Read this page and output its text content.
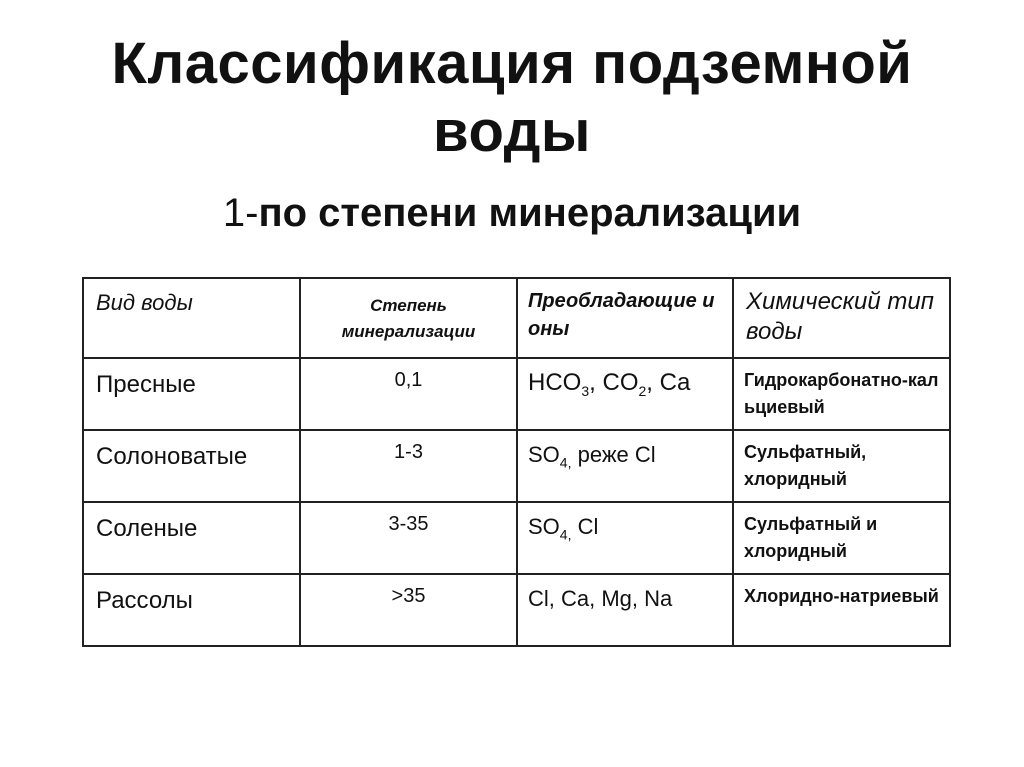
Классификация подземной
воды
1-по степени минерализации
Вид воды	Степень минерализации	Преобладающие ионы	Химический тип воды

Пресные	0,1	$HCO_3$, $CO_2$, Ca	Гидрокарбонатно-кальциевый

Солоноватые	1-3	$SO_{4,}$ реже Cl	Сульфатный, хлоридный

Соленые	3-35	$SO_{4,}$ Cl	Сульфатный и хлоридный

Рассолы	>35	Cl, Ca, Mg, Na	Хлоридно-натриевый
